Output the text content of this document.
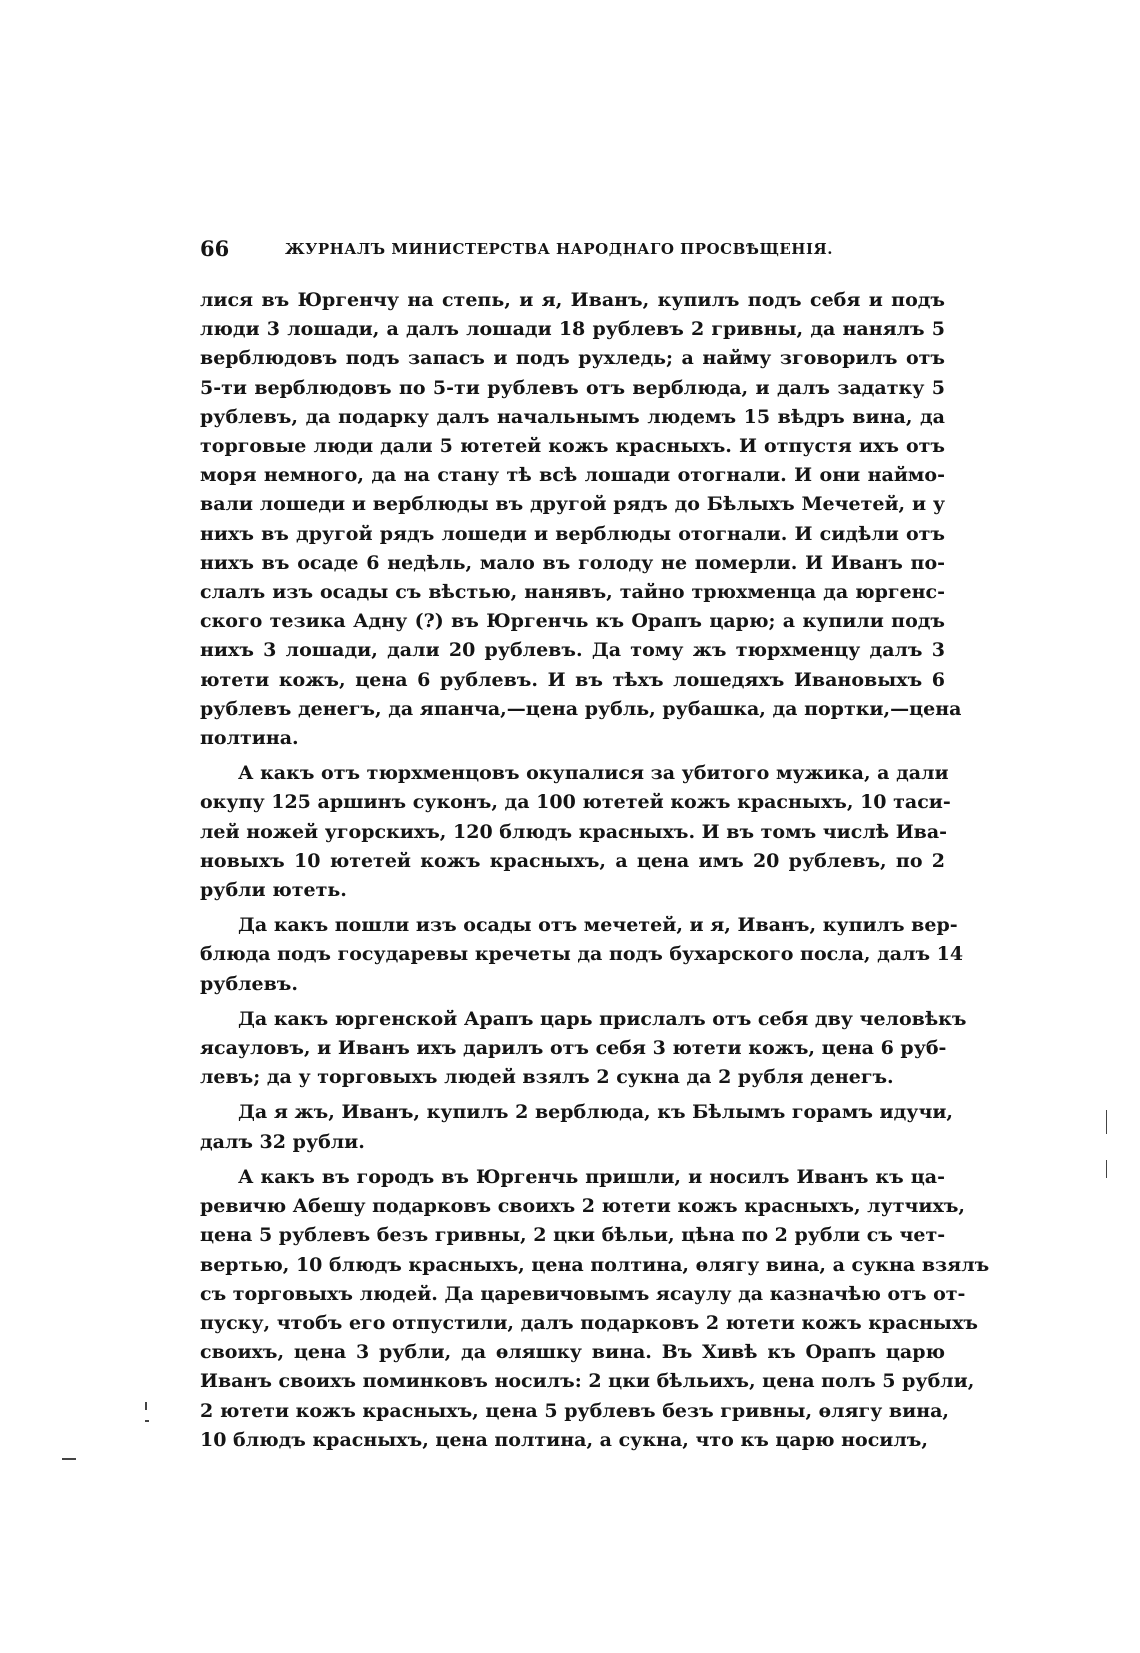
66	ЖУРНАЛЪ МИНИСТЕРСТВА НАРОДНАГО ПРОСВѢЩЕНІЯ.

лися въ Юргенчу на степь, и я, Иванъ, купилъ подъ себя и подъ
люди 3 лошади, а далъ лошади 18 рублевъ 2 гривны, да нанялъ 5
верблюдовъ подъ запасъ и подъ рухледь; а найму зговорилъ отъ
5-ти верблюдовъ по 5-ти рублевъ отъ верблюда, и далъ задатку 5
рублевъ, да подарку далъ начальнымъ людемъ 15 вѣдръ вина, да
торговые люди дали 5 ютетей кожъ красныхъ. И отпустя ихъ отъ
моря немного, да на стану тѣ всѣ лошади отогнали. И они наймо-
вали лошеди и верблюды въ другой рядъ до Бѣлыхъ Мечетей, и у
нихъ въ другой рядъ лошеди и верблюды отогнали. И сидѣли отъ
нихъ въ осаде 6 недѣль, мало въ голоду не померли. И Иванъ по-
слалъ изъ осады съ вѣстью, нанявъ, тайно трюхменца да юргенс-
ского тезика Адну (?) въ Юргенчь къ Орапъ царю; а купили подъ
нихъ 3 лошади, дали 20 рублевъ. Да тому жъ тюрхменцу далъ 3
ютети кожъ, цена 6 рублевъ. И въ тѣхъ лошедяхъ Ивановыхъ 6
рублевъ денегъ, да япанча,—цена рубль, рубашка, да портки,—цена
полтина.

А какъ отъ тюрхменцовъ окупалися за убитого мужика, а дали
окупу 125 аршинъ суконъ, да 100 ютетей кожъ красныхъ, 10 таси-
лей ножей угорскихъ, 120 блюдъ красныхъ. И въ томъ числѣ Ива-
новыхъ 10 ютетей кожъ красныхъ, а цена имъ 20 рублевъ, по 2
рубли ютеть.

Да какъ пошли изъ осады отъ мечетей, и я, Иванъ, купилъ вер-
блюда подъ государевы кречеты да подъ бухарского посла, далъ 14
рублевъ.

Да какъ юргенской Арапъ царь прислалъ отъ себя дву человѣкъ
ясауловъ, и Иванъ ихъ дарилъ отъ себя 3 ютети кожъ, цена 6 руб-
левъ; да у торговыхъ людей взялъ 2 сукна да 2 рубля денегъ.

Да я жъ, Иванъ, купилъ 2 верблюда, къ Бѣлымъ горамъ идучи,
далъ 32 рубли.

А какъ въ городъ въ Юргенчь пришли, и носилъ Иванъ къ ца-
ревичю Абешу подарковъ своихъ 2 ютети кожъ красныхъ, лутчихъ,
цена 5 рублевъ безъ гривны, 2 цки бѣльи, цѣна по 2 рубли съ чет-
вертью, 10 блюдъ красныхъ, цена полтина, ѳлягу вина, а сукна взялъ
съ торговыхъ людей. Да царевичовымъ ясаулу да казначѣю отъ от-
пуску, чтобъ его отпустили, далъ подарковъ 2 ютети кожъ красныхъ
своихъ, цена 3 рубли, да ѳляшку вина. Въ Хивѣ къ Орапъ царю
Иванъ своихъ поминковъ носилъ: 2 цки бѣльихъ, цена полъ 5 рубли,
2 ютети кожъ красныхъ, цена 5 рублевъ безъ гривны, ѳлягу вина,
10 блюдъ красныхъ, цена полтина, а сукна, что къ царю носилъ,
